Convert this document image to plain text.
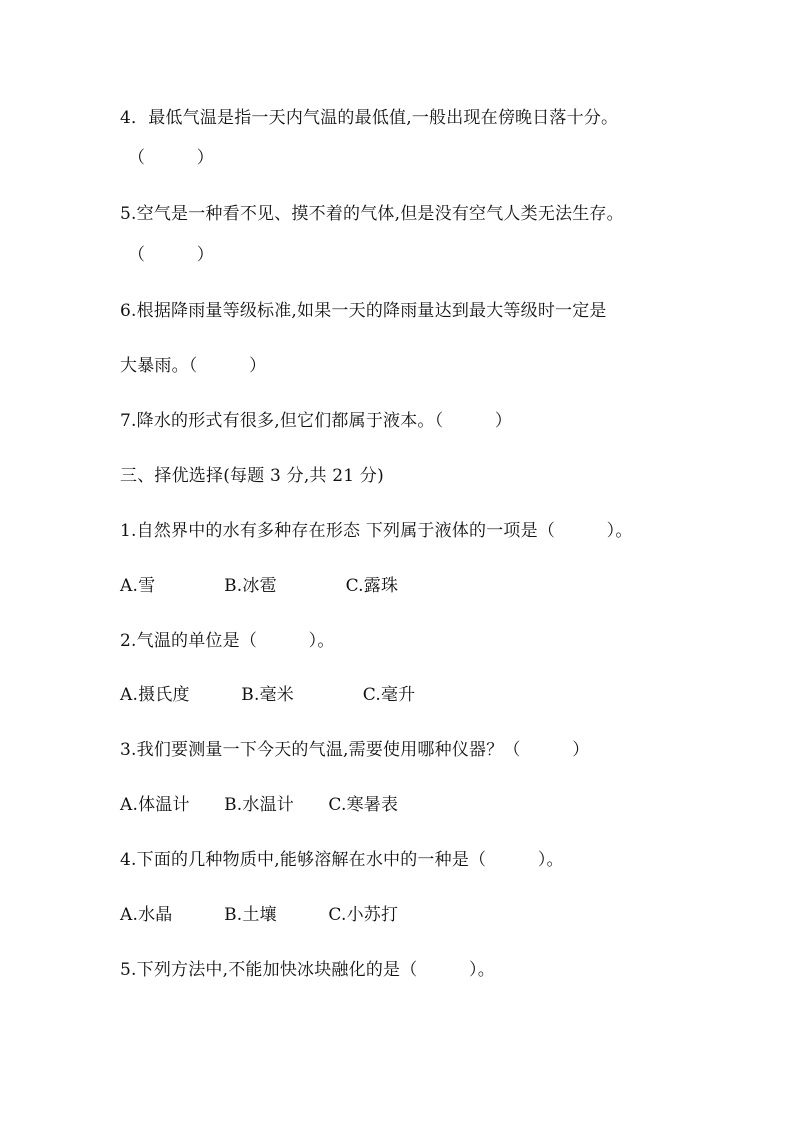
4．最低气温是指一天内气温的最低值,一般出现在傍晚日落十分。
（　　　）
5.空气是一种看不见、摸不着的气体,但是没有空气人类无法生存。
（　　　）
6.根据降雨量等级标准,如果一天的降雨量达到最大等级时一定是
大暴雨。（　　　）
7.降水的形式有很多,但它们都属于液本。（　　　）
三、择优选择(每题 3 分,共 21 分)
1.自然界中的水有多种存在形态 下列属于液体的一项是（　　　）。
A.雪　　　　B.冰雹　　　　C.露珠
2.气温的单位是（　　　）。
A.摄氏度　　　B.毫米　　　　C.毫升
3.我们要测量一下今天的气温,需要使用哪种仪器？（　　　）
A.体温计　　B.水温计　　C.寒暑表
4.下面的几种物质中,能够溶解在水中的一种是（　　　）。
A.水晶　　　B.土壤　　　C.小苏打
5.下列方法中,不能加快冰块融化的是（　　　）。
